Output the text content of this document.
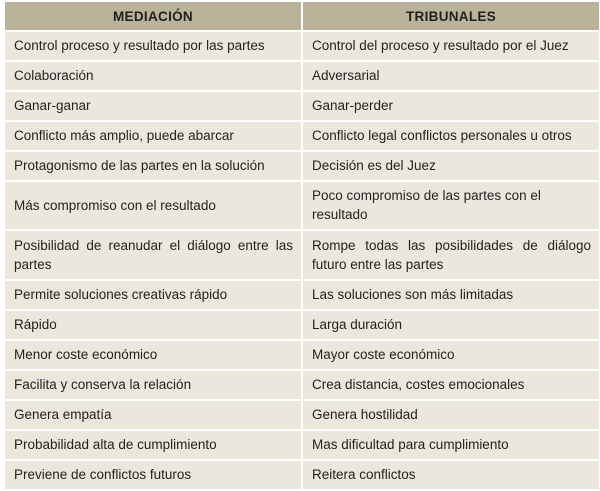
MEDIACIÓN	TRIBUNALES
Control proceso y resultado por las partes	Control del proceso y resultado por el Juez
Colaboración	Adversarial
Ganar-ganar	Ganar-perder
Conflicto más amplio, puede abarcar	Conflicto legal conflictos personales u otros
Protagonismo de las partes en la solución	Decisión es del Juez
Más compromiso con el resultado	Poco compromiso de las partes con el resultado
Posibilidad de reanudar el diálogo entre las partes	Rompe todas las posibilidades de diálogo futuro entre las partes
Permite soluciones creativas rápido	Las soluciones son más limitadas
Rápido	Larga duración
Menor coste económico	Mayor coste económico
Facilita y conserva la relación	Crea distancia, costes emocionales
Genera empatía	Genera hostilidad
Probabilidad alta de cumplimiento	Mas dificultad para cumplimiento
Previene de conflictos futuros	Reitera conflictos
